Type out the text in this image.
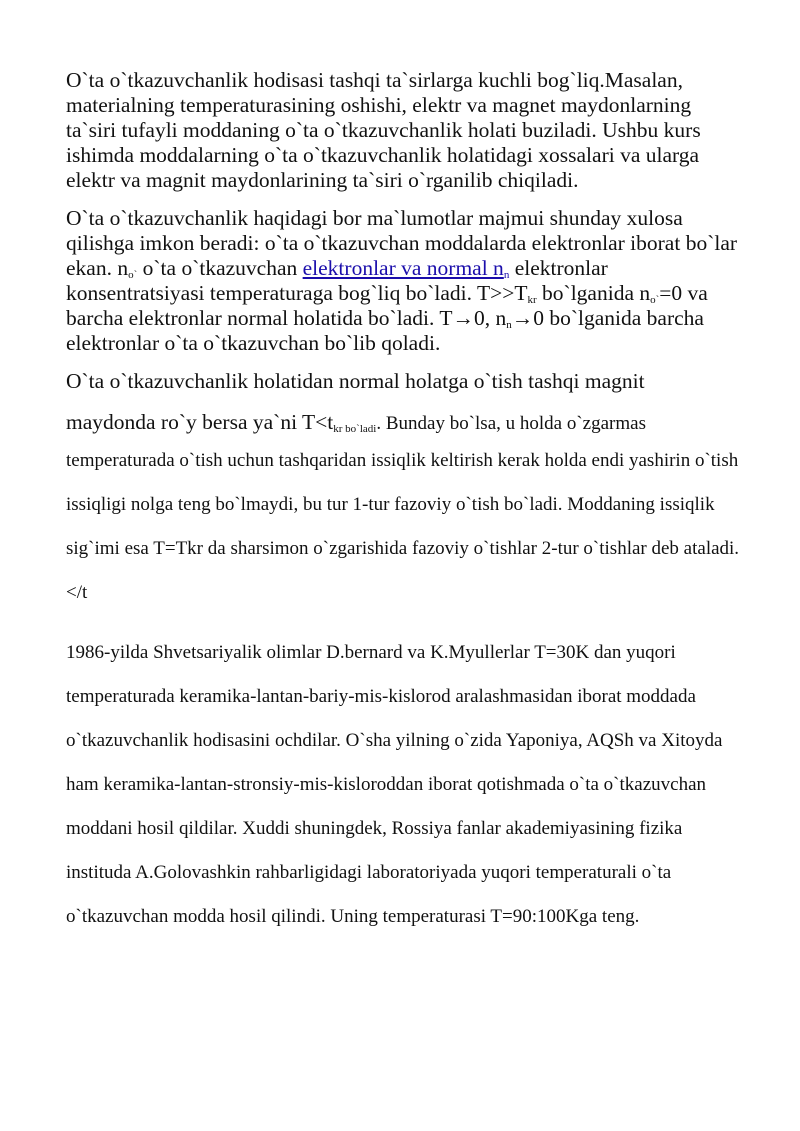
O`ta o`tkazuvchanlik hodisasi tashqi ta`sirlarga kuchli bog`liq.Masalan, materialning temperaturasining oshishi, elektr va magnet maydonlarning ta`siri tufayli moddaning o`ta o`tkazuvchanlik holati buziladi. Ushbu kurs ishimda moddalarning o`ta o`tkazuvchanlik holatidagi xossalari va ularga elektr va magnit maydonlarining ta`siri o`rganilib chiqiladi.

O`ta o`tkazuvchanlik haqidagi bor ma`lumotlar majmui shunday xulosa qilishga imkon beradi: o`ta o`tkazuvchan moddalarda elektronlar iborat bo`lar ekan. $n_{o`}$ o`ta o`tkazuvchan elektronlar va normal $n_n$ elektronlar konsentratsiyasi temperaturaga bog`liq bo`ladi. $T>>T_{kr}$ bo`lganida $n_{o`}=0$ va barcha elektronlar normal holatida bo`ladi. T→0, $n_n\to 0$ bo`lganida barcha elektronlar o`ta o`tkazuvchan bo`lib qoladi.

O`ta o`tkazuvchanlik holatidan normal holatga o`tish tashqi magnit
maydonda ro`y bersa ya`ni $T<t_{kr bo`ladi}$. Bunday bo`lsa, u holda o`zgarmas
temperaturada o`tish uchun tashqaridan issiqlik keltirish kerak holda endi yashirin o`tish issiqligi nolga teng bo`lmaydi, bu tur 1-tur fazoviy o`tish bo`ladi. Moddaning issiqlik sig`imi esa T=Tkr da sharsimon o`zgarishida fazoviy o`tishlar 2-tur o`tishlar deb ataladi.</t

1986-yilda Shvetsariyalik olimlar D.bernard va K.Myullerlar T=30K dan yuqori temperaturada keramika-lantan-bariy-mis-kislorod aralashmasidan iborat moddada o`tkazuvchanlik hodisasini ochdilar. O`sha yilning o`zida Yaponiya, AQSh va Xitoyda ham keramika-lantan-stronsiy-mis-kisloroddan iborat qotishmada o`ta o`tkazuvchan moddani hosil qildilar. Xuddi shuningdek, Rossiya fanlar akademiyasining fizika instituda A.Golovashkin rahbarligidagi laboratoriyada yuqori temperaturali o`ta o`tkazuvchan modda hosil qilindi. Uning temperaturasi T=90:100Kga teng.
